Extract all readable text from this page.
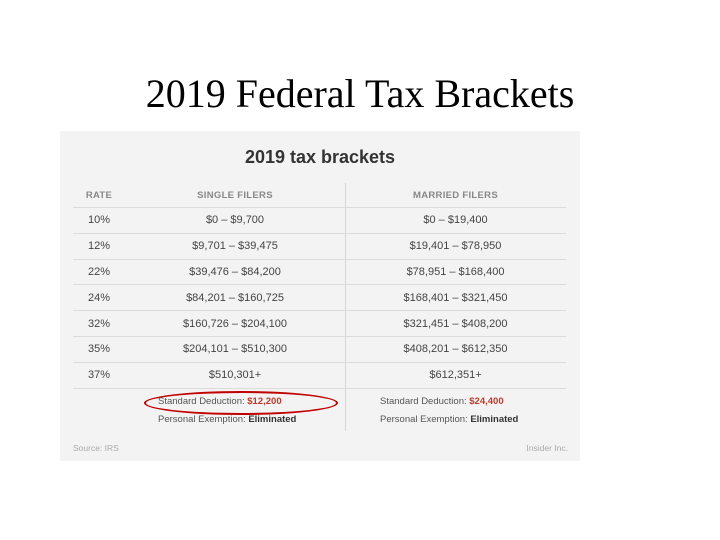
2019 Federal Tax Brackets
2019 tax brackets
RATE	SINGLE FILERS	MARRIED FILERS
10%	$0 – $9,700	$0 – $19,400
12%	$9,701 – $39,475	$19,401 – $78,950
22%	$39,476 – $84,200	$78,951 – $168,400
24%	$84,201 – $160,725	$168,401 – $321,450
32%	$160,726 – $204,100	$321,451 – $408,200
35%	$204,101 – $510,300	$408,201 – $612,350
37%	$510,301+	$612,351+
Standard Deduction: $12,200
Personal Exemption: Eliminated
Standard Deduction: $24,400
Personal Exemption: Eliminated
Source: IRS	Insider Inc.
